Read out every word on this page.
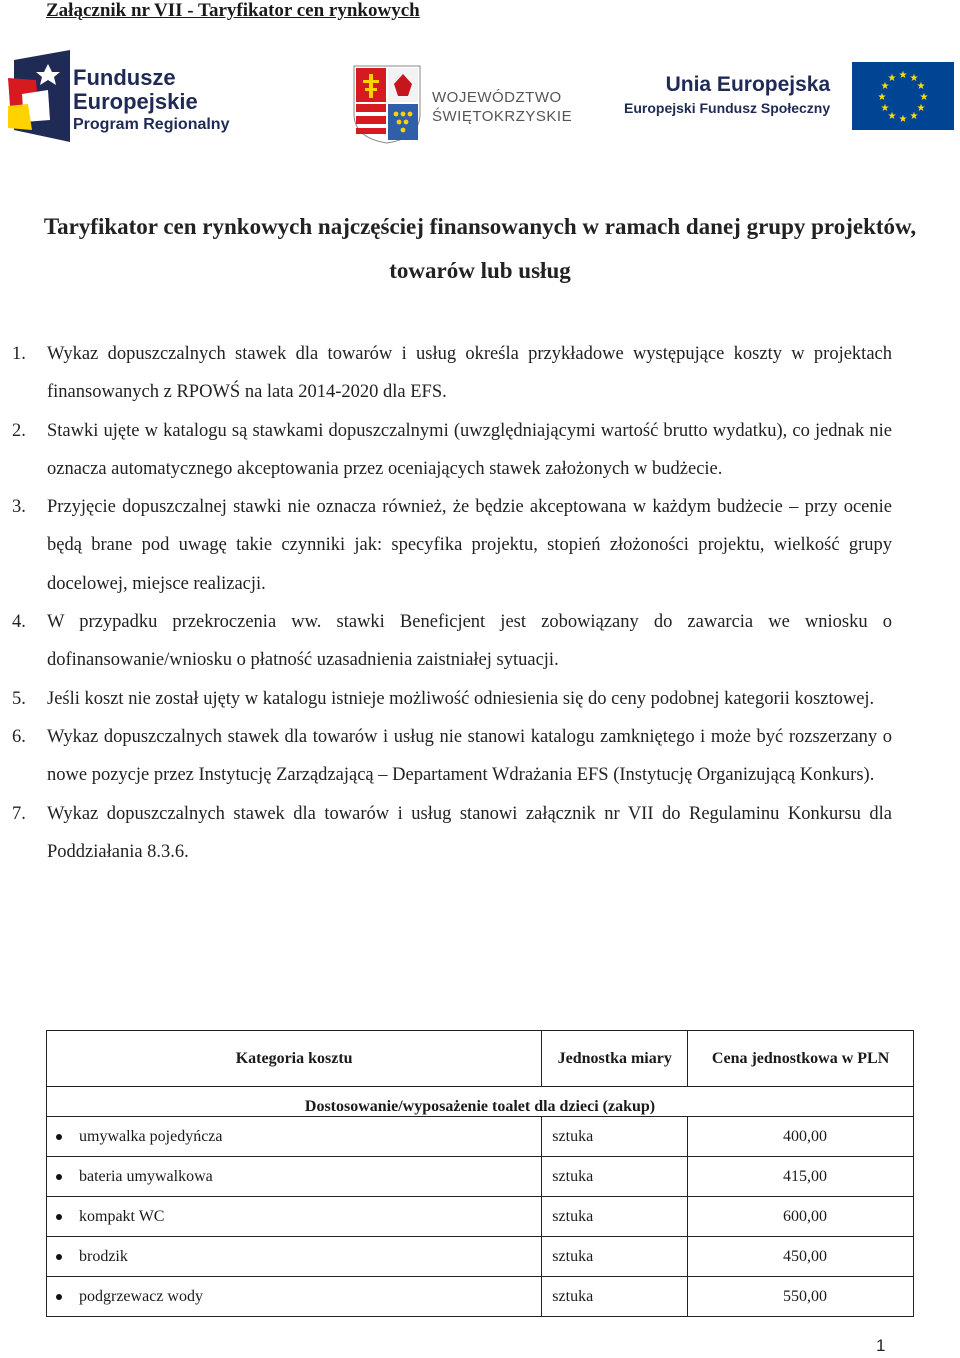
Załącznik nr VII - Taryfikator cen rynkowych
Fundusze
Europejskie
Program Regionalny
WOJEWÓDZTWO
ŚWIĘTOKRZYSKIE
Unia Europejska
Europejski Fundusz Społeczny
★ ★
★
★
★
★
★
★
★
★
★
★
Taryfikator cen rynkowych najczęściej finansowanych w ramach danej grupy projektów, towarów lub usług

1. Wykaz dopuszczalnych stawek dla towarów i usług określa przykładowe występujące koszty w projektach finansowanych z RPOWŚ na lata 2014-2020 dla EFS.

2. Stawki ujęte w katalogu są stawkami dopuszczalnymi (uwzględniającymi wartość brutto wydatku), co jednak nie oznacza automatycznego akceptowania przez oceniających stawek założonych w budżecie.

3. Przyjęcie dopuszczalnej stawki nie oznacza również, że będzie akceptowana w każdym budżecie – przy ocenie będą brane pod uwagę takie czynniki jak: specyfika projektu, stopień złożoności projektu, wielkość grupy docelowej, miejsce realizacji.

4. W przypadku przekroczenia ww. stawki Beneficjent jest zobowiązany do zawarcia we wniosku o dofinansowanie/wniosku o płatność uzasadnienia zaistniałej sytuacji.

5. Jeśli koszt nie został ujęty w katalogu istnieje możliwość odniesienia się do ceny podobnej kategorii kosztowej.

6. Wykaz dopuszczalnych stawek dla towarów i usług nie stanowi katalogu zamkniętego i może być rozszerzany o nowe pozycje przez Instytucję Zarządzającą – Departament Wdrażania EFS (Instytucję Organizującą Konkurs).

7. Wykaz dopuszczalnych stawek dla towarów i usług stanowi załącznik nr VII do Regulaminu Konkursu dla Poddziałania 8.3.6.

Kategoria kosztu	Jednostka miary	Cena jednostkowa w PLN
Dostosowanie/wyposażenie toalet dla dzieci (zakup)		

umywalka pojedyńcza	sztuka	400,00

bateria umywalkowa	sztuka	415,00

kompakt WC	sztuka	600,00

brodzik	sztuka	450,00

podgrzewacz wody	sztuka	550,00
1
